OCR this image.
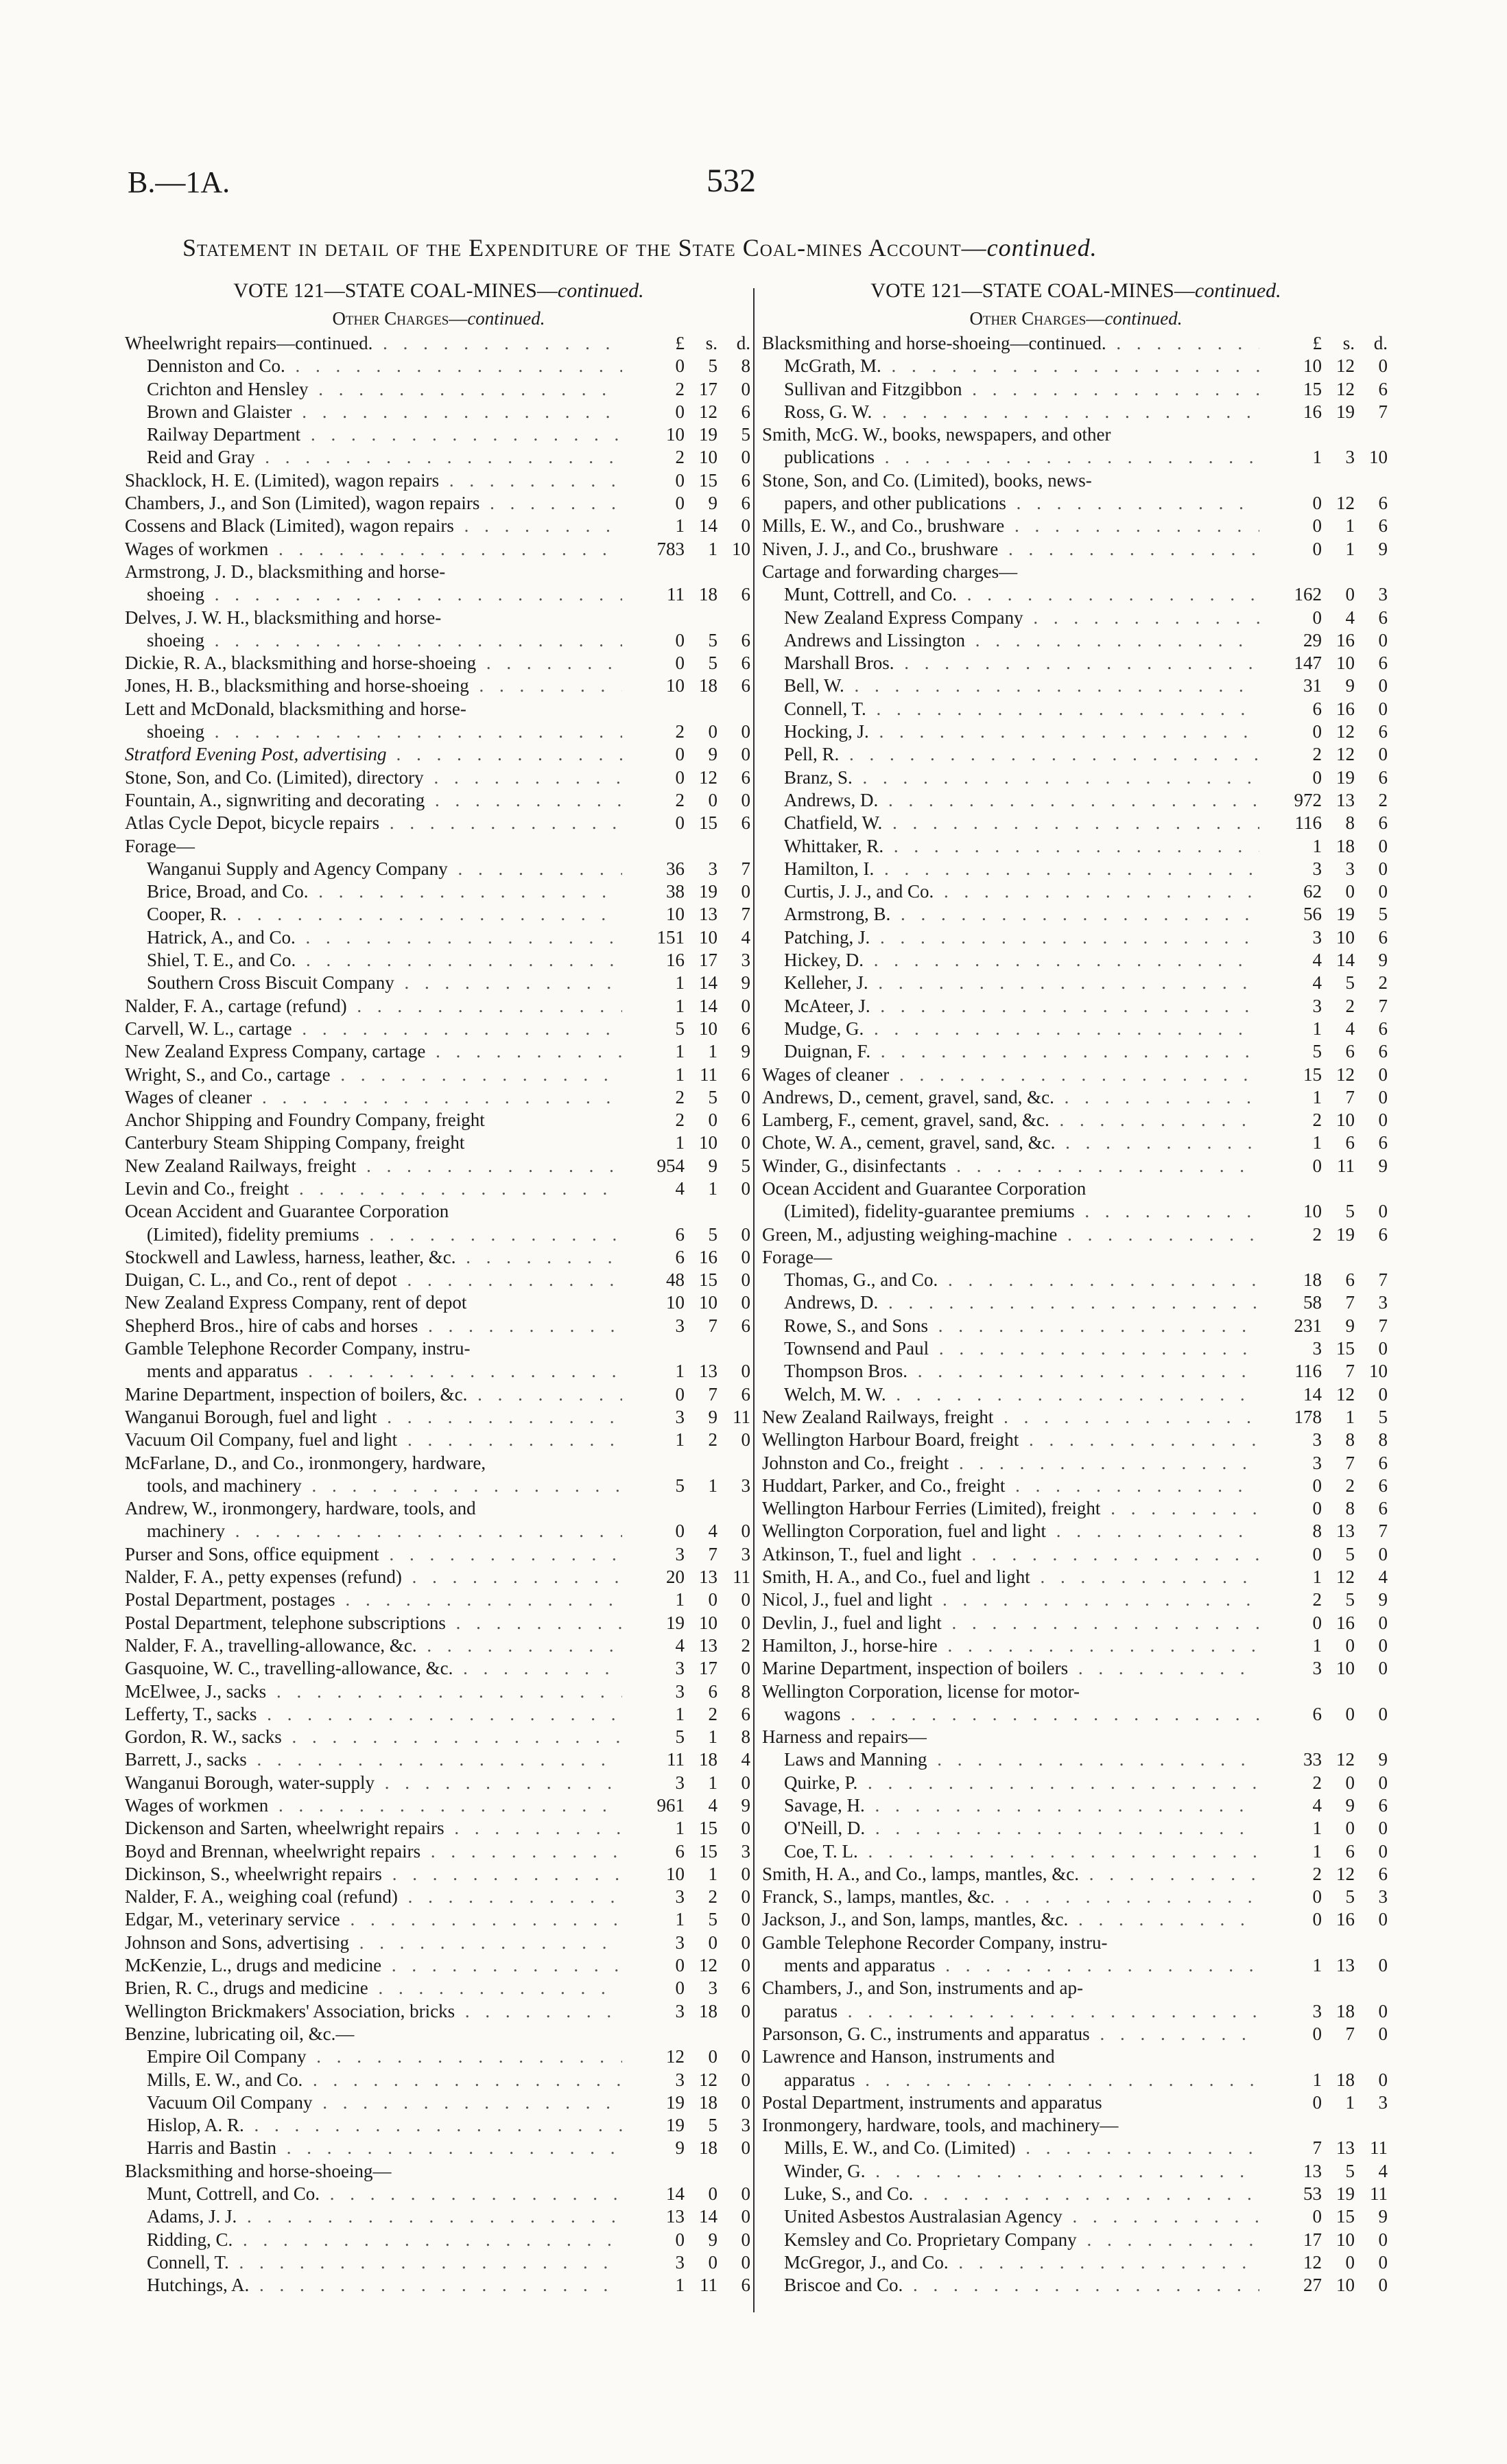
B.—1A.	532
Statement in detail of the Expenditure of the State Coal-mines Account—continued.
VOTE 121—STATE COAL-MINES—continued.
Other Charges—continued.
Wheelwright repairs—continued. . . .	£	s.	d.
Denniston and Co. . . .	0	5	8
Crichton and Hensley . . .	2 17	0
Brown and Glaister . . .	0 12	6
Railway Department . . .	10 19	5
Reid and Gray . . .	2 10	0
Shacklock, H. E. (Limited), wagon repairs . . .	0 15	6
Chambers, J., and Son (Limited), wagon repairs . . .	0	9	6
Cossens and Black (Limited), wagon repairs . . .	1 14	0
Wages of workmen . . .	783	1 10
Armstrong, J. D., blacksmithing and horse-
shoeing . . .	11 18	6
Delves, J. W. H., blacksmithing and horse-
shoeing . . .	0	5	6
Dickie, R. A., blacksmithing and horse-shoeing . . .	0	5	6
Jones, H. B., blacksmithing and horse-shoeing . . .	10 18	6
Lett and McDonald, blacksmithing and horse-
shoeing . . .	2	0	0
Stratford Evening Post, advertising . . .	0	9	0
Stone, Son, and Co. (Limited), directory . . .	0 12	6
Fountain, A., signwriting and decorating . . .	2	0	0
Atlas Cycle Depot, bicycle repairs . . .	0 15	6
Forage—
Wanganui Supply and Agency Company . . .	36	3	7
Brice, Broad, and Co. . . .	38 19	0
Cooper, R. . . .	10 13	7
Hatrick, A., and Co. . . .	151 10	4
Shiel, T. E., and Co. . . .	16 17	3
Southern Cross Biscuit Company . . .	1 14	9
Nalder, F. A., cartage (refund) . . .	1 14	0
Carvell, W. L., cartage . . .	5 10	6
New Zealand Express Company, cartage . . .	1	1	9
Wright, S., and Co., cartage . . .	1 11	6
Wages of cleaner . . .	2	5	0
Anchor Shipping and Foundry Company, freight	2	0	6
Canterbury Steam Shipping Company, freight	1 10	0
New Zealand Railways, freight . . .	954	9	5
Levin and Co., freight . . .	4	1	0
Ocean Accident and Guarantee Corporation
(Limited), fidelity premiums . . .	6	5	0
Stockwell and Lawless, harness, leather, &c. . . .	6 16	0
Duigan, C. L., and Co., rent of depot . . .	48 15	0
New Zealand Express Company, rent of depot	10 10	0
Shepherd Bros., hire of cabs and horses . . .	3	7	6
Gamble Telephone Recorder Company, instru-
ments and apparatus . . .	1 13	0
Marine Department, inspection of boilers, &c. . . .	0	7	6
Wanganui Borough, fuel and light . . .	3	9 11
Vacuum Oil Company, fuel and light . . .	1	2	0
McFarlane, D., and Co., ironmongery, hardware,
tools, and machinery . . .	5	1	3
Andrew, W., ironmongery, hardware, tools, and
machinery . . .	0	4	0
Purser and Sons, office equipment . . .	3	7	3
Nalder, F. A., petty expenses (refund) . . .	20 13 11
Postal Department, postages . . .	1	0	0
Postal Department, telephone subscriptions . . .	19 10	0
Nalder, F. A., travelling-allowance, &c. . . .	4 13	2
Gasquoine, W. C., travelling-allowance, &c. . . .	3 17	0
McElwee, J., sacks . . .	3	6	8
Lefferty, T., sacks . . .	1	2	6
Gordon, R. W., sacks . . .	5	1	8
Barrett, J., sacks . . .	11 18	4
Wanganui Borough, water-supply . . .	3	1	0
Wages of workmen . . .	961	4	9
Dickenson and Sarten, wheelwright repairs . . .	1 15	0
Boyd and Brennan, wheelwright repairs . . .	6 15	3
Dickinson, S., wheelwright repairs . . .	10	1	0
Nalder, F. A., weighing coal (refund) . . .	3	2	0
Edgar, M., veterinary service . . .	1	5	0
Johnson and Sons, advertising . . .	3	0	0
McKenzie, L., drugs and medicine . . .	0 12	0
Brien, R. C., drugs and medicine . . .	0	3	6
Wellington Brickmakers' Association, bricks . . .	3 18	0
Benzine, lubricating oil, &c.—
Empire Oil Company . . .	12	0	0
Mills, E. W., and Co. . . .	3 12	0
Vacuum Oil Company . . .	19 18	0
Hislop, A. R. . . .	19	5	3
Harris and Bastin . . .	9 18	0
Blacksmithing and horse-shoeing—
Munt, Cottrell, and Co. . . .	14	0	0
Adams, J. J. . . .	13 14	0
Ridding, C. . . .	0	9	0
Connell, T. . . .	3	0	0
Hutchings, A. . . .	1 11	6
VOTE 121—STATE COAL-MINES—continued.
Other Charges—continued.
Blacksmithing and horse-shoeing—continued. . . .	£	s.	d.
McGrath, M. . . .	10 12	0
Sullivan and Fitzgibbon . . .	15 12	6
Ross, G. W. . . .	16 19	7
Smith, McG. W., books, newspapers, and other
publications . . .	1	3 10
Stone, Son, and Co. (Limited), books, news-
papers, and other publications . . .	0 12	6
Mills, E. W., and Co., brushware . . .	0	1	6
Niven, J. J., and Co., brushware . . .	0	1	9
Cartage and forwarding charges—
Munt, Cottrell, and Co. . . .	162	0	3
New Zealand Express Company . . .	0	4	6
Andrews and Lissington . . .	29 16	0
Marshall Bros. . . .	147 10	6
Bell, W. . . .	31	9	0
Connell, T. . . .	6 16	0
Hocking, J. . . .	0 12	6
Pell, R. . . .	2 12	0
Branz, S. . . .	0 19	6
Andrews, D. . . .	972 13	2
Chatfield, W. . . .	116	8	6
Whittaker, R. . . .	1 18	0
Hamilton, I. . . .	3	3	0
Curtis, J. J., and Co. . . .	62	0	0
Armstrong, B. . . .	56 19	5
Patching, J. . . .	3 10	6
Hickey, D. . . .	4 14	9
Kelleher, J. . . .	4	5	2
McAteer, J. . . .	3	2	7
Mudge, G. . . .	1	4	6
Duignan, F. . . .	5	6	6
Wages of cleaner . . .	15 12	0
Andrews, D., cement, gravel, sand, &c. . . .	1	7	0
Lamberg, F., cement, gravel, sand, &c. . . .	2 10	0
Chote, W. A., cement, gravel, sand, &c. . . .	1	6	6
Winder, G., disinfectants . . .	0 11	9
Ocean Accident and Guarantee Corporation
(Limited), fidelity-guarantee premiums . . .	10	5	0
Green, M., adjusting weighing-machine . . .	2 19	6
Forage—
Thomas, G., and Co. . . .	18	6	7
Andrews, D. . . .	58	7	3
Rowe, S., and Sons . . .	231	9	7
Townsend and Paul . . .	3 15	0
Thompson Bros. . . .	116	7 10
Welch, M. W. . . .	14 12	0
New Zealand Railways, freight . . .	178	1	5
Wellington Harbour Board, freight . . .	3	8	8
Johnston and Co., freight . . .	3	7	6
Huddart, Parker, and Co., freight . . .	0	2	6
Wellington Harbour Ferries (Limited), freight . . .	0	8	6
Wellington Corporation, fuel and light . . .	8 13	7
Atkinson, T., fuel and light . . .	0	5	0
Smith, H. A., and Co., fuel and light . . .	1 12	4
Nicol, J., fuel and light . . .	2	5	9
Devlin, J., fuel and light . . .	0 16	0
Hamilton, J., horse-hire . . .	1	0	0
Marine Department, inspection of boilers . . .	3 10	0
Wellington Corporation, license for motor-
wagons . . .	6	0	0
Harness and repairs—
Laws and Manning . . .	33 12	9
Quirke, P. . . .	2	0	0
Savage, H. . . .	4	9	6
O'Neill, D. . . .	1	0	0
Coe, T. L. . . .	1	6	0
Smith, H. A., and Co., lamps, mantles, &c. . . .	2 12	6
Franck, S., lamps, mantles, &c. . . .	0	5	3
Jackson, J., and Son, lamps, mantles, &c. . . .	0 16	0
Gamble Telephone Recorder Company, instru-
ments and apparatus . . .	1 13	0
Chambers, J., and Son, instruments and ap-
paratus . . .	3 18	0
Parsonson, G. C., instruments and apparatus . . .	0	7	0
Lawrence and Hanson, instruments and
apparatus . . .	1 18	0
Postal Department, instruments and apparatus	0	1	3
Ironmongery, hardware, tools, and machinery—
Mills, E. W., and Co. (Limited) . . .	7 13 11
Winder, G. . . .	13	5	4
Luke, S., and Co. . . .	53 19 11
United Asbestos Australasian Agency . . .	0 15	9
Kemsley and Co. Proprietary Company . . .	17 10	0
McGregor, J., and Co. . . .	12	0	0
Briscoe and Co. . . .	27 10	0
